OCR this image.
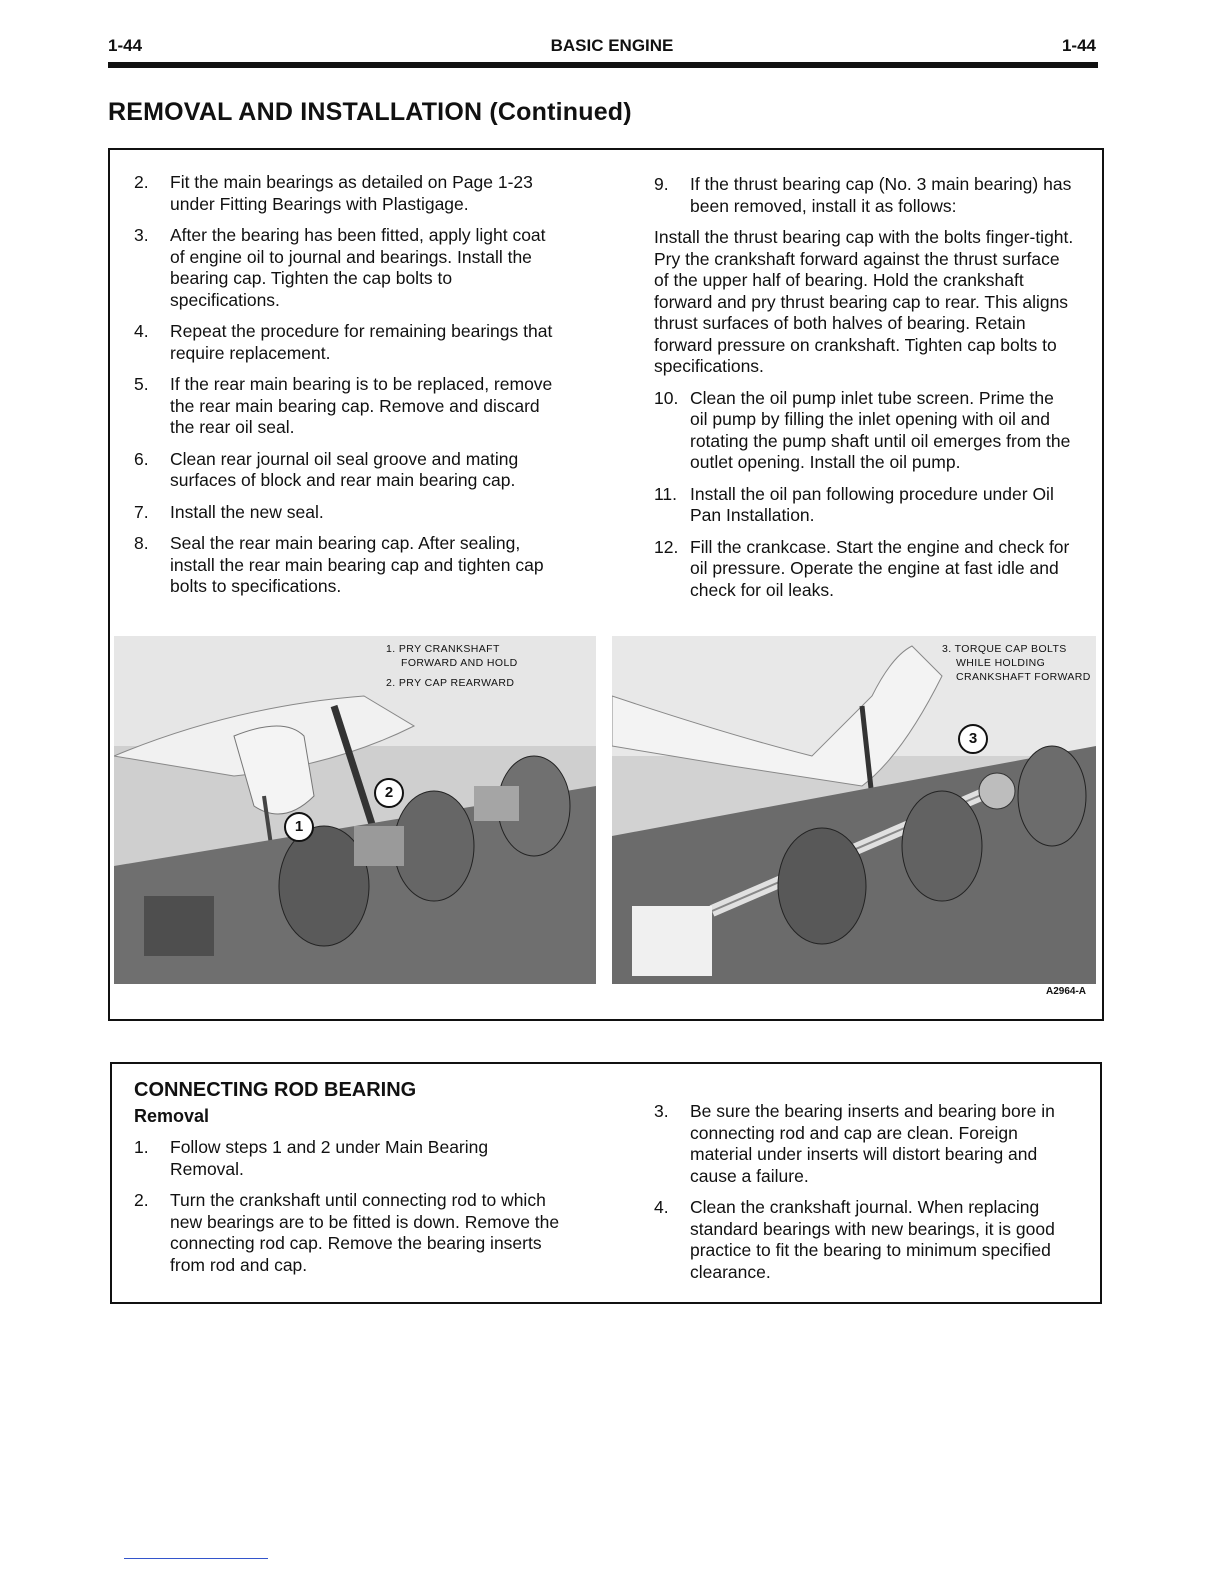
1-44	BASIC ENGINE	1-44
REMOVAL AND INSTALLATION (Continued)
2.	Fit the main bearings as detailed on Page 1-23 under Fitting Bearings with Plastigage.
3.	After the bearing has been fitted, apply light coat of engine oil to journal and bearings. Install the bearing cap. Tighten the cap bolts to specifications.
4.	Repeat the procedure for remaining bearings that require replacement.
5.	If the rear main bearing is to be replaced, remove the rear main bearing cap. Remove and discard the rear oil seal.
6.	Clean rear journal oil seal groove and mating surfaces of block and rear main bearing cap.
7.	Install the new seal.
8.	Seal the rear main bearing cap. After sealing, install the rear main bearing cap and tighten cap bolts to specifications.
9.	If the thrust bearing cap (No. 3 main bearing) has been removed, install it as follows:

Install the thrust bearing cap with the bolts finger-tight. Pry the crankshaft forward against the thrust surface of the upper half of bearing. Hold the crankshaft forward and pry thrust bearing cap to rear. This aligns thrust surfaces of both halves of bearing. Retain forward pressure on crankshaft. Tighten cap bolts to specifications.

10. Clean the oil pump inlet tube screen. Prime the oil pump by filling the inlet opening with oil and rotating the pump shaft until oil emerges from the outlet opening. Install the oil pump.
11. Install the oil pan following procedure under Oil Pan Installation.
12. Fill the crankcase. Start the engine and check for oil pressure. Operate the engine at fast idle and check for oil leaks.
1. PRY CRANKSHAFT
FORWARD AND HOLD
2. PRY CAP REARWARD
1
2
3. TORQUE CAP BOLTS
WHILE HOLDING
CRANKSHAFT FORWARD
3
A2964-A
CONNECTING ROD BEARING
Removal
1.	Follow steps 1 and 2 under Main Bearing Removal.
2.	Turn the crankshaft until connecting rod to which new bearings are to be fitted is down. Remove the connecting rod cap. Remove the bearing inserts from rod and cap.
3.	Be sure the bearing inserts and bearing bore in connecting rod and cap are clean. Foreign material under inserts will distort bearing and cause a failure.
4.	Clean the crankshaft journal. When replacing standard bearings with new bearings, it is good practice to fit the bearing to minimum specified clearance.
